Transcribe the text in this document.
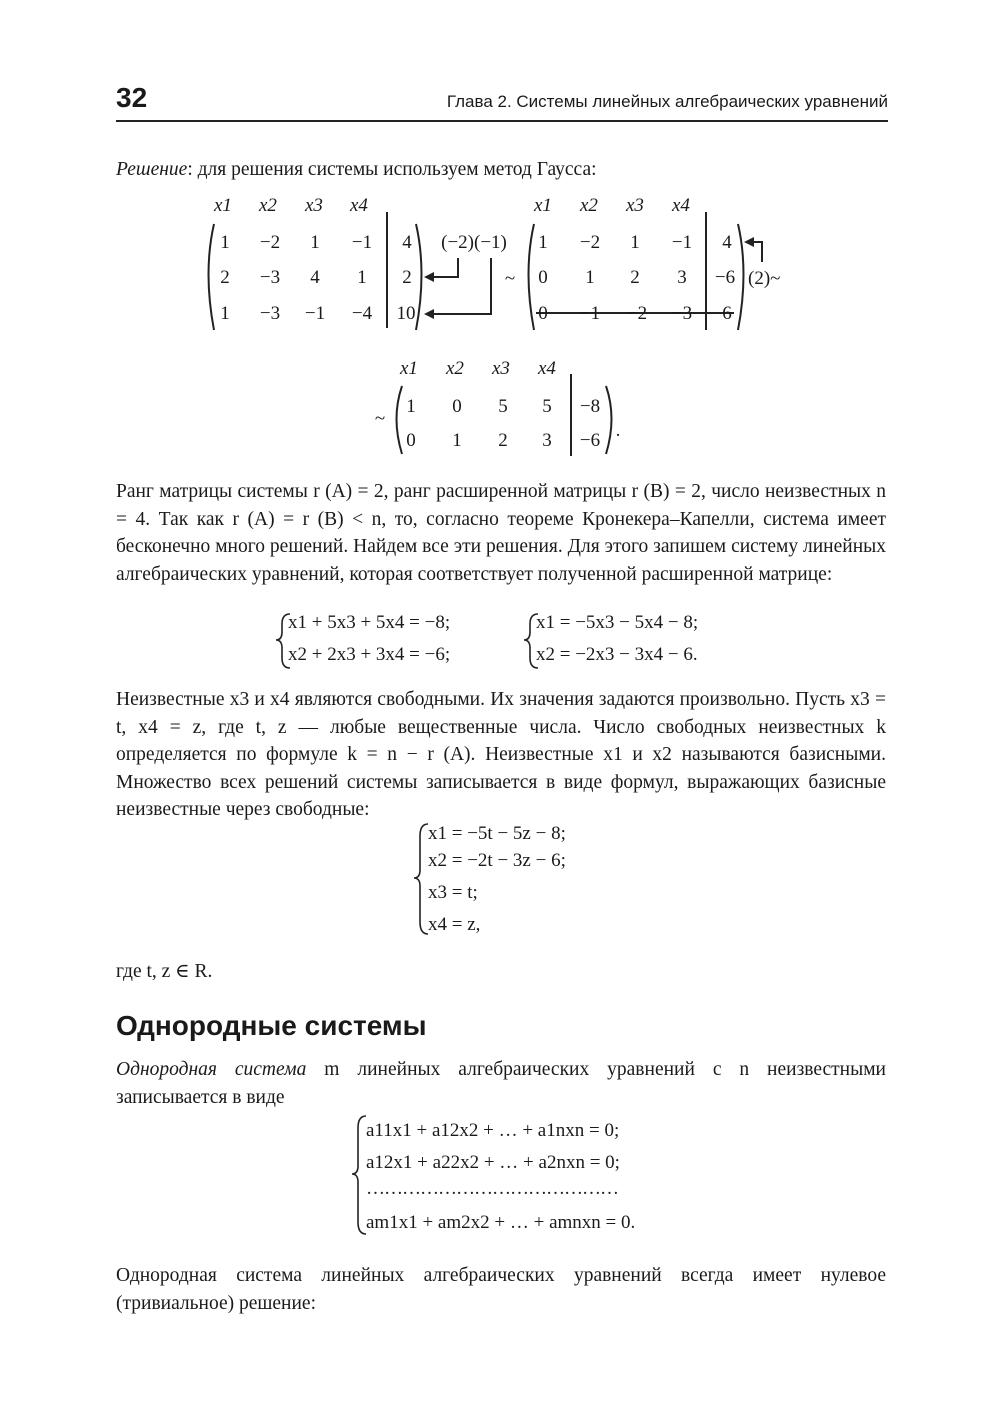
32	Глава 2. Системы линейных алгебраических уравнений
Решение: для решения системы используем метод Гаусса:
x1 x2 x3 x4
1	−2	1	−1	4
2	−3	4	1	2
1	−3	−1	−4	10
(−2)(−1)
~
x1 x2 x3 x4
1	−2	1	−1	4
0	1	2	3	−6
0	−1	−2	−3	6
(2)~
x1 x2 x3 x4
~
1	0	5	5	−8
0	1	2	3	−6 .
Ранг матрицы системы r (A) = 2, ранг расширенной матрицы r (B) = 2, число неизвестных n = 4. Так как r (A) = r (B) < n, то, согласно теореме Кронекера–Капелли, система имеет бесконечно много решений. Найдем все эти решения. Для этого запишем систему линейных алгебраических уравнений, которая соответствует полученной расширенной матрице:
x1 + 5x3 + 5x4 = −8;
x2 + 2x3 + 3x4 = −6;
x1 = −5x3 − 5x4 − 8;
x2 = −2x3 − 3x4 − 6.
Неизвестные x3 и x4 являются свободными. Их значения задаются произвольно. Пусть x3 = t, x4 = z, где t, z — любые вещественные числа. Число свободных неизвестных k определяется по формуле k = n − r (A). Неизвестные x1 и x2 называются базисными. Множество всех решений системы записывается в виде формул, выражающих базисные неизвестные через свободные:
x1 = −5t − 5z − 8;
x2 = −2t − 3z − 6;
x3 = t;
x4 = z,
где t, z ∈ R.
Однородные системы
Однородная система m линейных алгебраических уравнений с n неизвестными записывается в виде
a11x1 + a12x2 + … + a1nxn = 0;
a12x1 + a22x2 + … + a2nxn = 0;
……………………………………
am1x1 + am2x2 + … + amnxn = 0.
Однородная система линейных алгебраических уравнений всегда имеет нулевое (тривиальное) решение:
